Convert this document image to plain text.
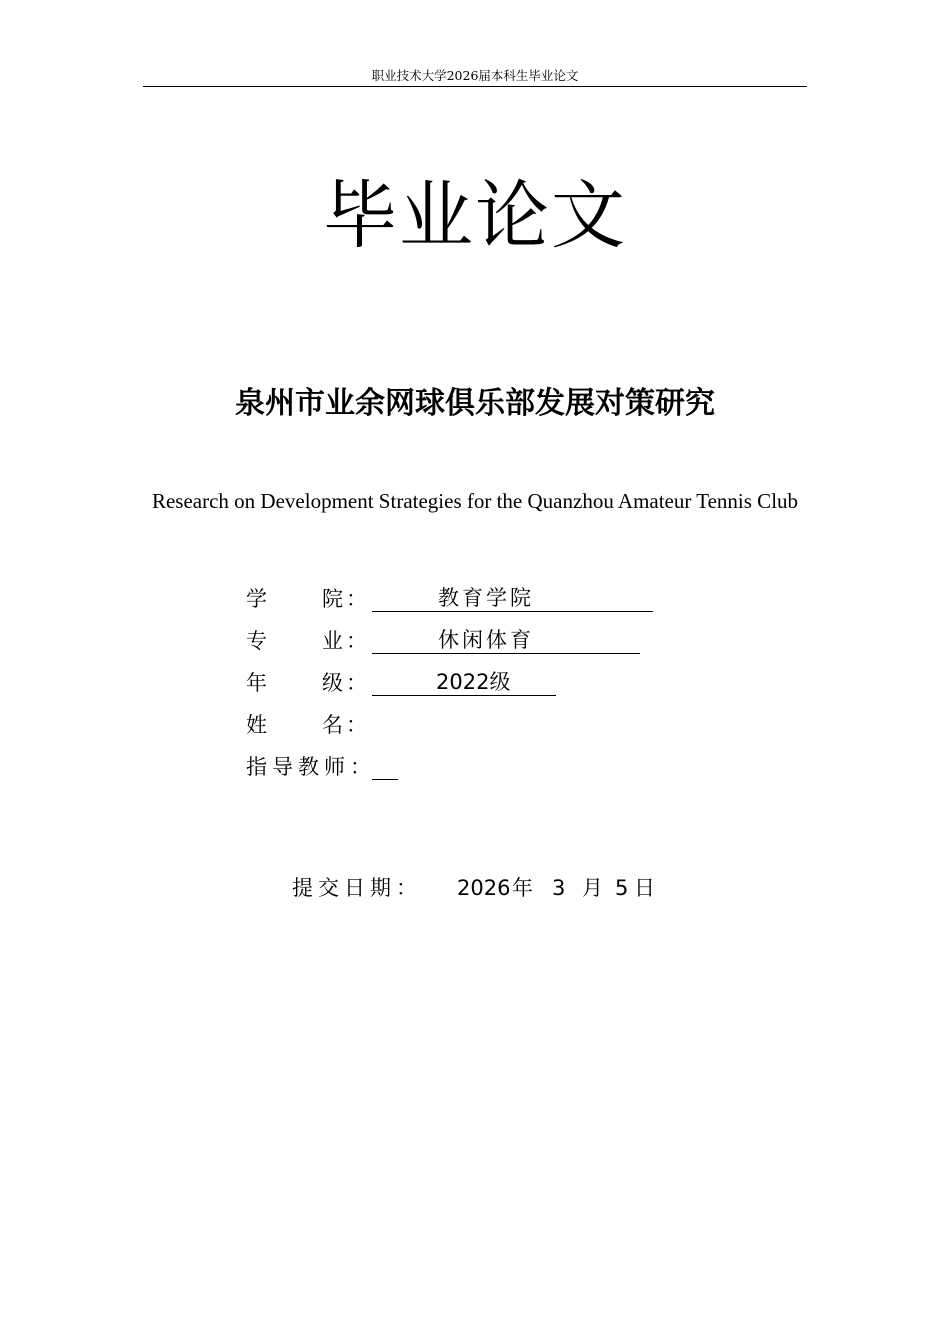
职业技术大学2026届本科生毕业论文
毕业论文
泉州市业余网球俱乐部发展对策研究
Research on Development Strategies for the Quanzhou Amateur Tennis Club
学	院 ：	教育学院
专	业 ：	休闲体育
年	级 ：	2022级
姓	名 ：
指导教师：
提交日期： 2026 年 3 月 5 日
